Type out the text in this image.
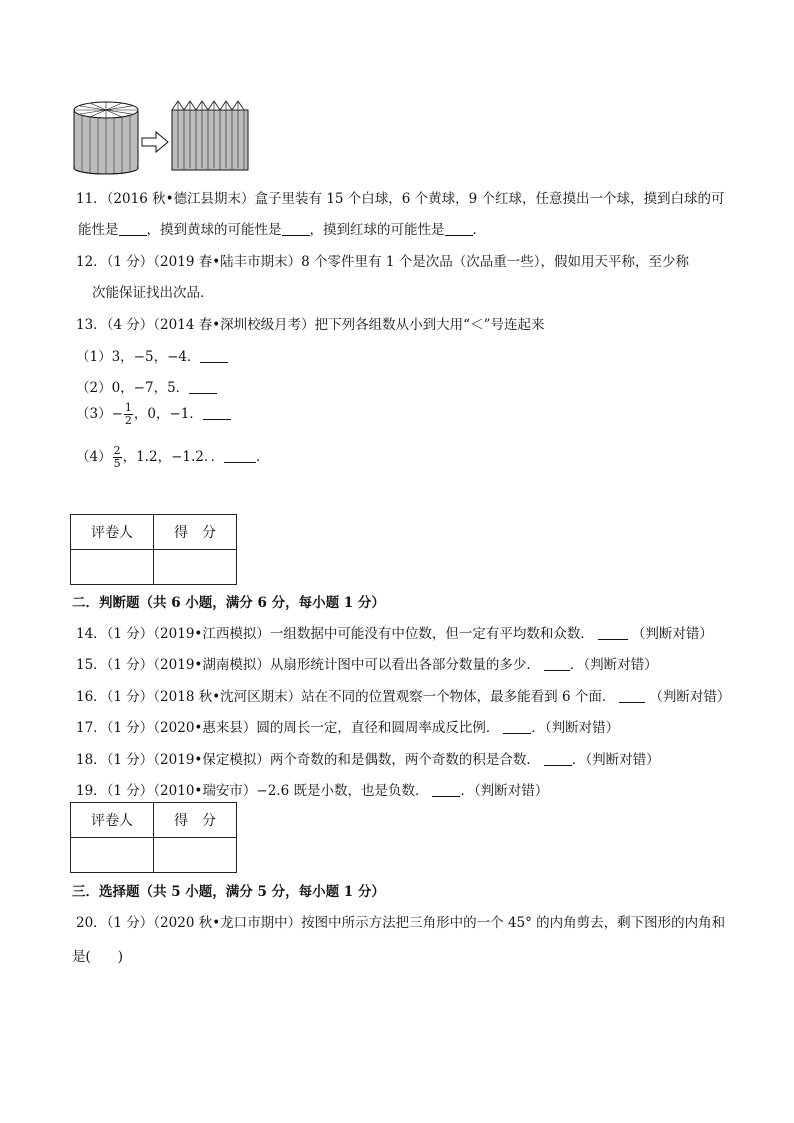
11．（2016 秋•德江县期末）盒子里装有 15 个白球，6 个黄球，9 个红球，任意摸出一个球，摸到白球的可
能性是 ，摸到黄球的可能性是 ，摸到红球的可能性是 ．
12．（1 分）（2019 春•陆丰市期末）8 个零件里有 1 个是次品（次品重一些），假如用天平称，至少称
次能保证找出次品．
13．（4 分）（2014 春•深圳校级月考）把下列各组数从小到大用“＜”号连起来
（1）3，−5，−4．
（2）0，−7，5．
$(3)- \frac{1}{2}$ ，0，−1．
$(4) \frac{2}{5}$ ，1.2，−1.2．． ．
评卷人	得　分

二．判断题（共 6 小题，满分 6 分，每小题 1 分）
14．（1 分）（2019•江西模拟）一组数据中可能没有中位数，但一定有平均数和众数．	（判断对错）
15．（1 分）（2019•湖南模拟）从扇形统计图中可以看出各部分数量的多少． ．（判断对错）
16．（1 分）（2018 秋•沈河区期末）站在不同的位置观察一个物体，最多能看到 6 个面．	（判断对错）
17．（1 分）（2020•惠来县）圆的周长一定，直径和圆周率成反比例． ．（判断对错）
18．（1 分）（2019•保定模拟）两个奇数的和是偶数，两个奇数的积是合数． ．（判断对错）
19．（1 分）（2010•瑞安市）−2.6 既是小数，也是负数． ．（判断对错）
评卷人	得　分

三．选择题（共 5 小题，满分 5 分，每小题 1 分）
20．（1 分）（2020 秋•龙口市期中）按图中所示方法把三角形中的一个 45° 的内角剪去，剩下图形的内角和
是(　　)
